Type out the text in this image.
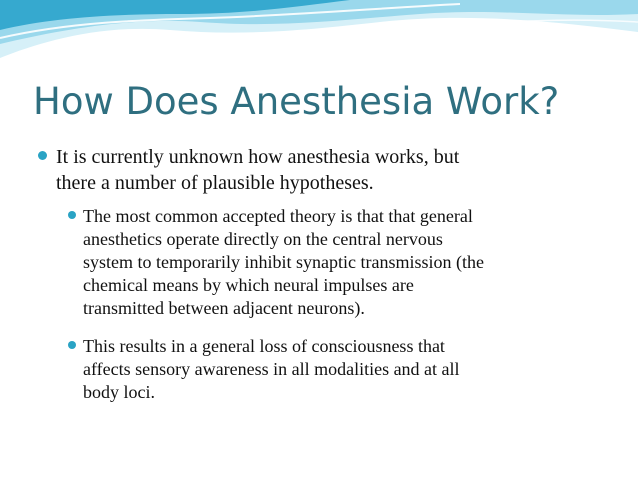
How Does Anesthesia Work?

It is currently unknown how anesthesia works, but
there a number of plausible hypotheses.

The most common accepted theory is that that general
anesthetics operate directly on the central nervous
system to temporarily inhibit synaptic transmission (the
chemical means by which neural impulses are
transmitted between adjacent neurons).

This results in a general loss of consciousness that
affects sensory awareness in all modalities and at all
body loci.
